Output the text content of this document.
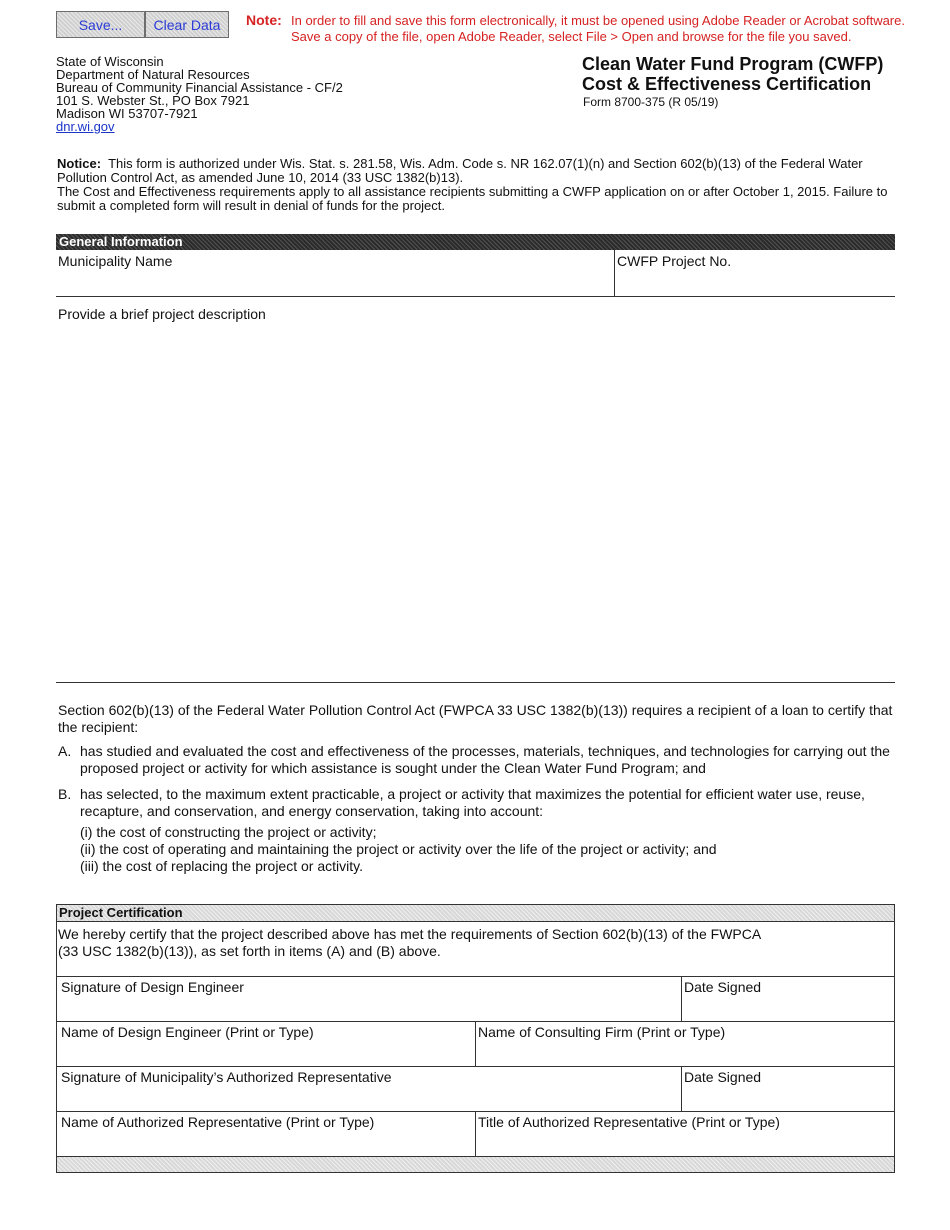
Save...	Clear Data	Note: In order to fill and save this form electronically, it must be opened using Adobe Reader or Acrobat software.
Save a copy of the file, open Adobe Reader, select File > Open and browse for the file you saved.
State of Wisconsin
Department of Natural Resources
Bureau of Community Financial Assistance - CF/2
101 S. Webster St., PO Box 7921
Madison WI 53707-7921
dnr.wi.gov
Clean Water Fund Program (CWFP)
Cost & Effectiveness Certification
Form 8700-375 (R 05/19)
Notice: This form is authorized under Wis. Stat. s. 281.58, Wis. Adm. Code s. NR 162.07(1)(n) and Section 602(b)(13) of the Federal Water Pollution Control Act, as amended June 10, 2014 (33 USC 1382(b)13).
The Cost and Effectiveness requirements apply to all assistance recipients submitting a CWFP application on or after October 1, 2015. Failure to submit a completed form will result in denial of funds for the project.
General Information
Municipality Name	CWFP Project No.
Provide a brief project description
Section 602(b)(13) of the Federal Water Pollution Control Act (FWPCA 33 USC 1382(b)(13)) requires a recipient of a loan to certify that the recipient:
A. has studied and evaluated the cost and effectiveness of the processes, materials, techniques, and technologies for carrying out the proposed project or activity for which assistance is sought under the Clean Water Fund Program; and
B. has selected, to the maximum extent practicable, a project or activity that maximizes the potential for efficient water use, reuse, recapture, and conservation, and energy conservation, taking into account:
(i) the cost of constructing the project or activity;
(ii) the cost of operating and maintaining the project or activity over the life of the project or activity; and
(iii) the cost of replacing the project or activity.
Project Certification
We hereby certify that the project described above has met the requirements of Section 602(b)(13) of the FWPCA
(33 USC 1382(b)(13)), as set forth in items (A) and (B) above.
Signature of Design Engineer	Date Signed
Name of Design Engineer (Print or Type)	Name of Consulting Firm (Print or Type)
Signature of Municipality’s Authorized Representative	Date Signed
Name of Authorized Representative (Print or Type)	Title of Authorized Representative (Print or Type)
